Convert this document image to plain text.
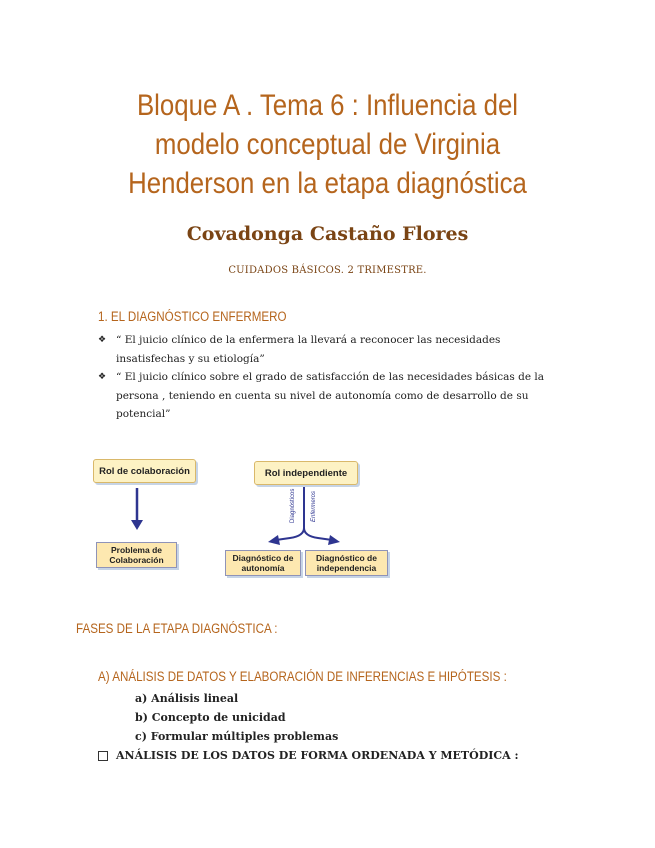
Bloque A . Tema 6 : Influencia del modelo conceptual de Virginia Henderson en la etapa diagnóstica
Covadonga Castaño Flores
CUIDADOS BÁSICOS. 2 TRIMESTRE.
1. EL DIAGNÓSTICO ENFERMERO
❖ “ El juicio clínico de la enfermera la llevará a reconocer las necesidades insatisfechas y su etiología”
❖ “ El juicio clínico sobre el grado de satisfacción de las necesidades básicas de la persona , teniendo en cuenta su nivel de autonomía como de desarrollo de su potencial”
Diagnósticos	Enfermeros
Rol de colaboración	Rol independiente
Problema de Colaboración	Diagnóstico de autonomía
Diagnóstico de independencia
FASES DE LA ETAPA DIAGNÓSTICA :
A) ANÁLISIS DE DATOS Y ELABORACIÓN DE INFERENCIAS E HIPÓTESIS :
a) Análisis lineal
b) Concepto de unicidad
c) Formular múltiples problemas
ANÁLISIS DE LOS DATOS DE FORMA ORDENADA Y METÓDICA :
